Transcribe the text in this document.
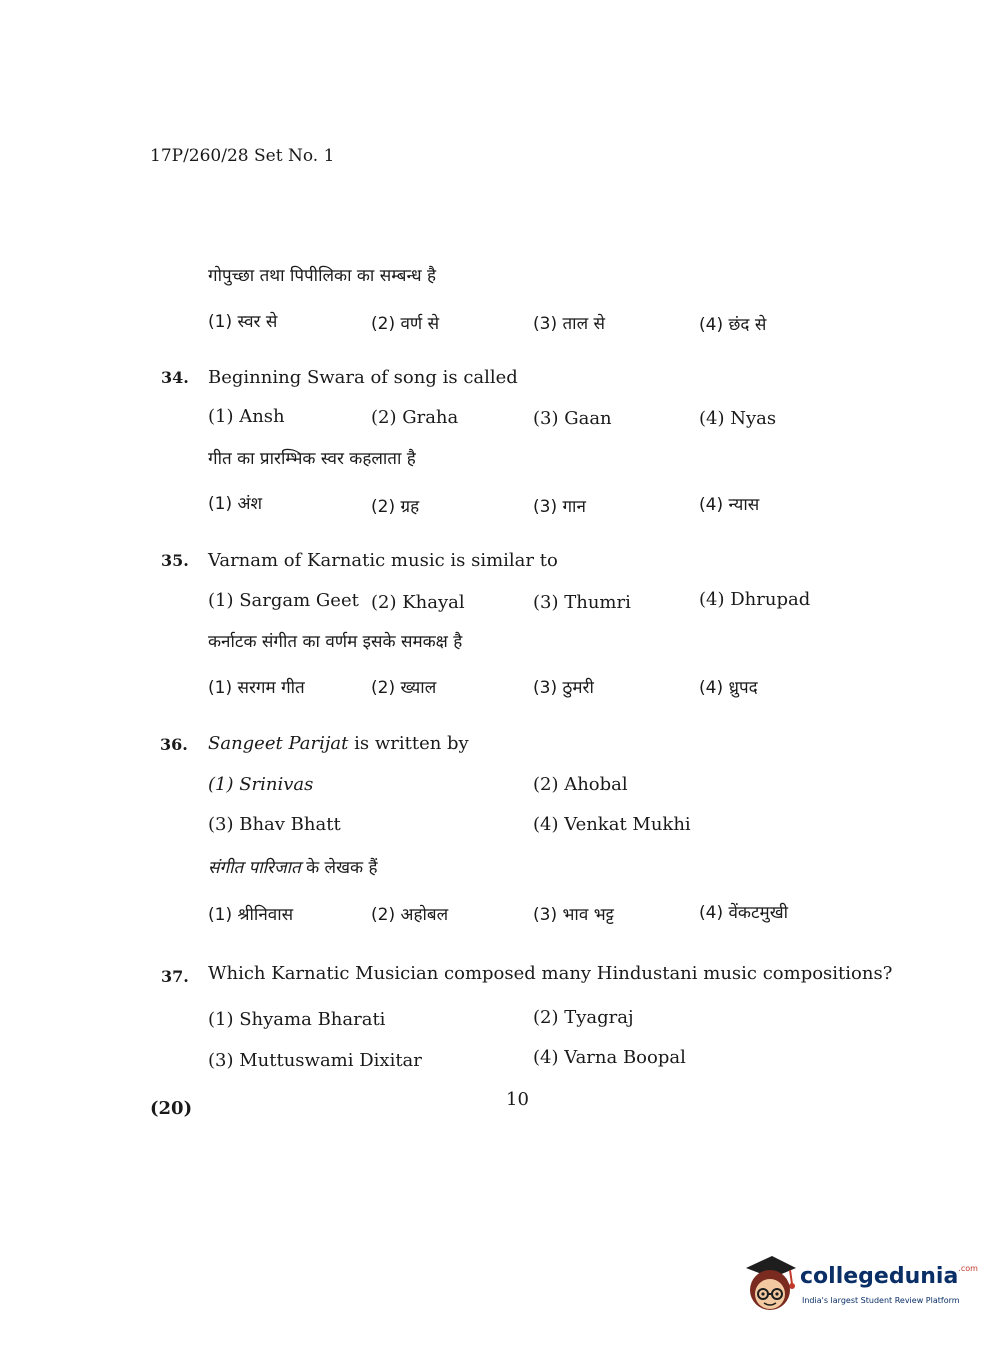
17P/260/28 Set No. 1
गोपुच्छा तथा पिपीलिका का सम्बन्ध है
(1) स्वर से	(2) वर्ण से	(3) ताल से	(4) छंद से
34. Beginning Swara of song is called
(1) Ansh	(2) Graha	(3) Gaan	(4) Nyas
गीत का प्रारम्भिक स्वर कहलाता है
(1) अंश	(2) ग्रह	(3) गान	(4) न्यास
35. Varnam of Karnatic music is similar to
(1) Sargam Geet (2) Khayal	(3) Thumri	(4) Dhrupad
कर्नाटक संगीत का वर्णम इसके समकक्ष है
(1) सरगम गीत	(2) ख्याल	(3) ठुमरी	(4) ध्रुपद
36. Sangeet Parijat is written by
(1) Srinivas	(2) Ahobal
(3) Bhav Bhatt	(4) Venkat Mukhi
संगीत पारिजात के लेखक हैं
(1) श्रीनिवास	(2) अहोबल	(3) भाव भट्ट	(4) वेंकटमुखी
37. Which Karnatic Musician composed many Hindustani music compositions?
(1) Shyama Bharati	(2) Tyagraj
(3) Muttuswami Dixitar	(4) Varna Boopal
10
(20)
collegedunia$^{.com}$
India's largest Student Review Platform
